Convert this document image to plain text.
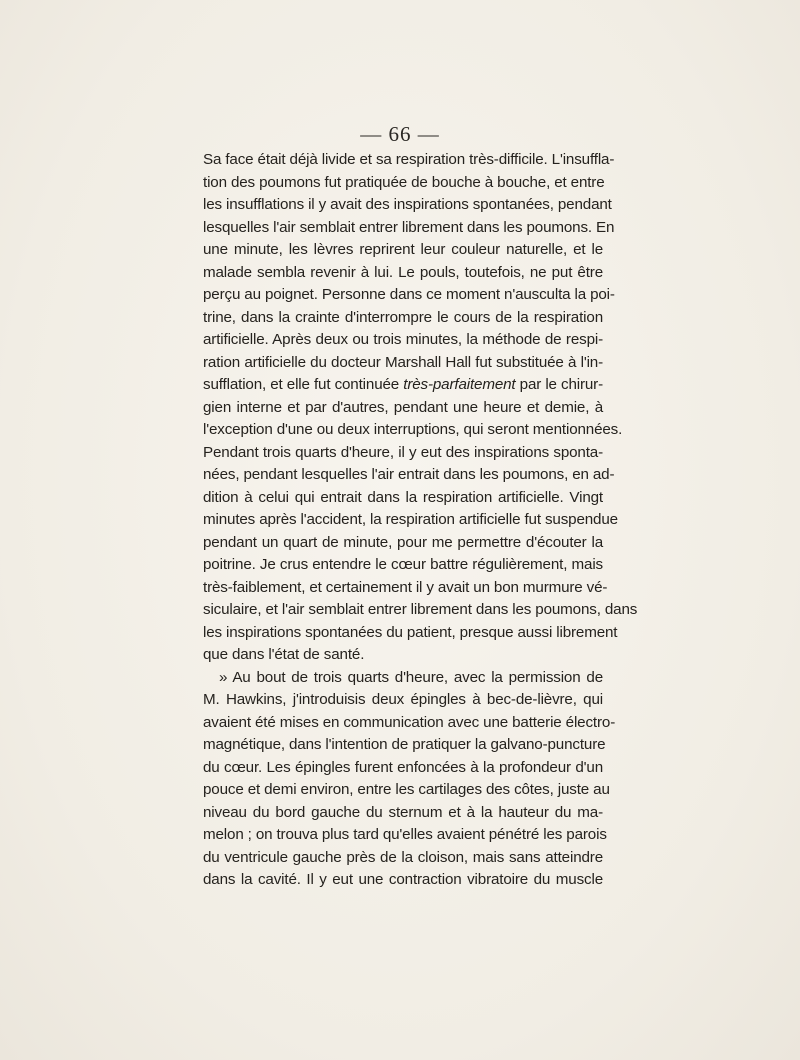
— 66 —
Sa face était déjà livide et sa respiration très-difficile. L'insuffla-
tion des poumons fut pratiquée de bouche à bouche, et entre
les insufflations il y avait des inspirations spontanées, pendant
lesquelles l'air semblait entrer librement dans les poumons. En
une minute, les lèvres reprirent leur couleur naturelle, et le
malade sembla revenir à lui. Le pouls, toutefois, ne put être
perçu au poignet. Personne dans ce moment n'ausculta la poi-
trine, dans la crainte d'interrompre le cours de la respiration
artificielle. Après deux ou trois minutes, la méthode de respi-
ration artificielle du docteur Marshall Hall fut substituée à l'in-
sufflation, et elle fut continuée très-parfaitement par le chirur-
gien interne et par d'autres, pendant une heure et demie, à
l'exception d'une ou deux interruptions, qui seront mentionnées.
Pendant trois quarts d'heure, il y eut des inspirations sponta-
nées, pendant lesquelles l'air entrait dans les poumons, en ad-
dition à celui qui entrait dans la respiration artificielle. Vingt
minutes après l'accident, la respiration artificielle fut suspendue
pendant un quart de minute, pour me permettre d'écouter la
poitrine. Je crus entendre le cœur battre régulièrement, mais
très-faiblement, et certainement il y avait un bon murmure vé-
siculaire, et l'air semblait entrer librement dans les poumons, dans
les inspirations spontanées du patient, presque aussi librement
que dans l'état de santé.
» Au bout de trois quarts d'heure, avec la permission de
M. Hawkins, j'introduisis deux épingles à bec-de-lièvre, qui
avaient été mises en communication avec une batterie électro-
magnétique, dans l'intention de pratiquer la galvano-puncture
du cœur. Les épingles furent enfoncées à la profondeur d'un
pouce et demi environ, entre les cartilages des côtes, juste au
niveau du bord gauche du sternum et à la hauteur du ma-
melon ; on trouva plus tard qu'elles avaient pénétré les parois
du ventricule gauche près de la cloison, mais sans atteindre
dans la cavité. Il y eut une contraction vibratoire du muscle
